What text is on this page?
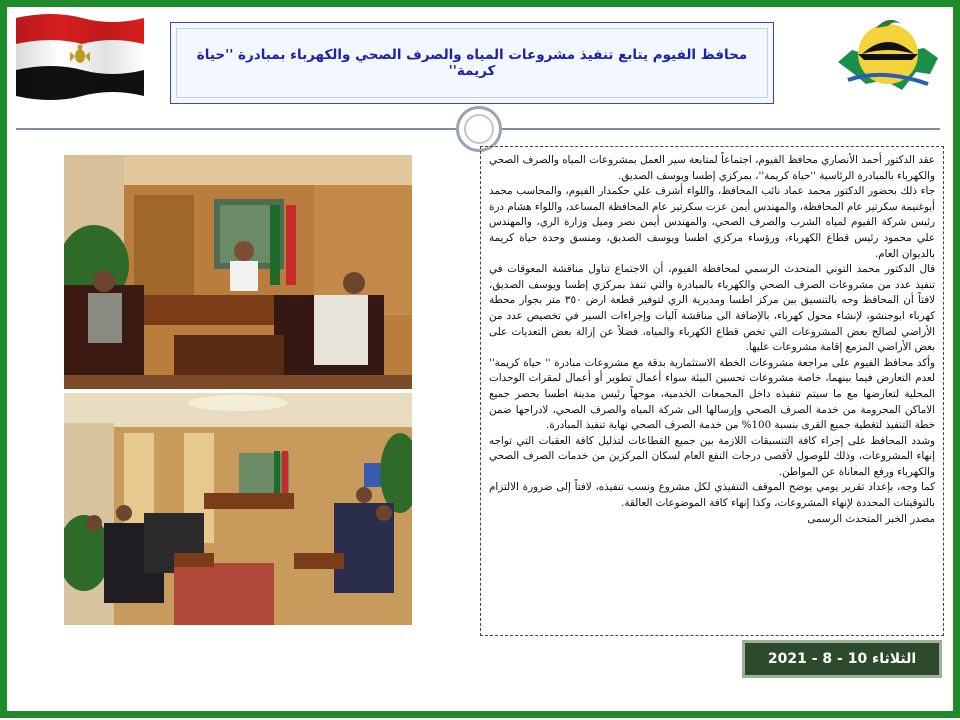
محافظ الفيوم يتابع تنفيذ مشروعات المياه والصرف الصحي والكهرباء بمبادرة ''حياة كريمة''

عقد الدكتور أحمد الأنصاري محافظ الفيوم، اجتماعاً لمتابعة سير العمل بمشروعات المياه والصرف الصحي والكهرباء بالمبادرة الرئاسية ''حياة كريمة''، بمركزي إطسا ويوسف الصديق.

جاء ذلك بحضور الدكتور محمد عماد نائب المحافظ، واللواء أشرف علي حكمدار الفيوم، والمحاسب محمد أبوغنيمة سكرتير عام المحافظة، والمهندس أيمن عزت سكرتير عام المحافظة المساعد، واللواء هشام درة رئيس شركة الفيوم لمياه الشرب والصرف الصحي، والمهندس أيمن نصر وميل وزارة الري، والمهندس علي محمود رئيس قطاع الكهرباء، ورؤساء مركزي اطسا ويوسف الصديق، ومنسق وحدة حياة كريمة بالديوان العام.

قال الدكتور محمد التوني المتحدث الرسمي لمحافظة الفيوم، أن الاجتماع تناول مناقشة المعوقات في تنفيذ عدد من مشروعات الصرف الصحي والكهرباء بالمبادرة والتي تنفذ بمركزي إطسا ويوسف الصديق، لافتاً أن المحافظ وجه بالتنسيق بين مركز اطسا ومديرية الري لتوفير قطعة ارض ٣٥٠ متر بجوار محطة كهرباء ابوجنشو، لإنشاء محول كهرباء، بالإضافة الى مناقشة آليات وإجراءات السير في تخصيص عدد من الأراضي لصالح بعض المشروعات التي تخص قطاع الكهرباء والمياه، فضلاً عن إزالة بعض التعديات على بعض الأراضي المزمع إقامة مشروعات عليها.

وأكد محافظ الفيوم على مراجعة مشروعات الخطة الاستثمارية بدقة مع مشروعات مبادرة '' حياة كريمة'' لعدم التعارض فيما بينهما، خاصة مشروعات تحسين البيئة سواء أعمال تطوير أو أعمال لمقرات الوحدات المحلية لتعارضها مع ما سيتم تنفيذه داخل المجمعات الخدمية، موجهاً رئيس مدينة اطسا بحصر جميع الاماكن المحرومة من خدمة الصرف الصحي وإرسالها الى شركة المياه والصرف الصحي، لادراجها ضمن خطة التنفيذ لتغطية جميع القرى بنسبة 100% من خدمة الصرف الصحي نهاية تنفيذ المبادرة.

وشدد المحافظ على إجراء كافة التنسيقات اللازمة بين جميع القطاعات لتذليل كافة العقبات التي تواجه إنهاء المشروعات، وذلك للوصول لأقصى درجات النفع العام لسكان المركزين من خدمات الصرف الصحي والكهرباء ورفع المعاناة عن المواطن.

كما وجه، بإعداد تقرير يومي يوضح الموقف التنفيذي لكل مشروع ونسب تنفيذه، لافتاً إلى ضرورة الالتزام بالتوقيتات المحددة لإنهاء المشروعات، وكذا إنهاء كافة الموضوعات العالقة.

مصدر الخبر المتحدث الرسمى

الثلاثاء 10 - 8 - 2021
